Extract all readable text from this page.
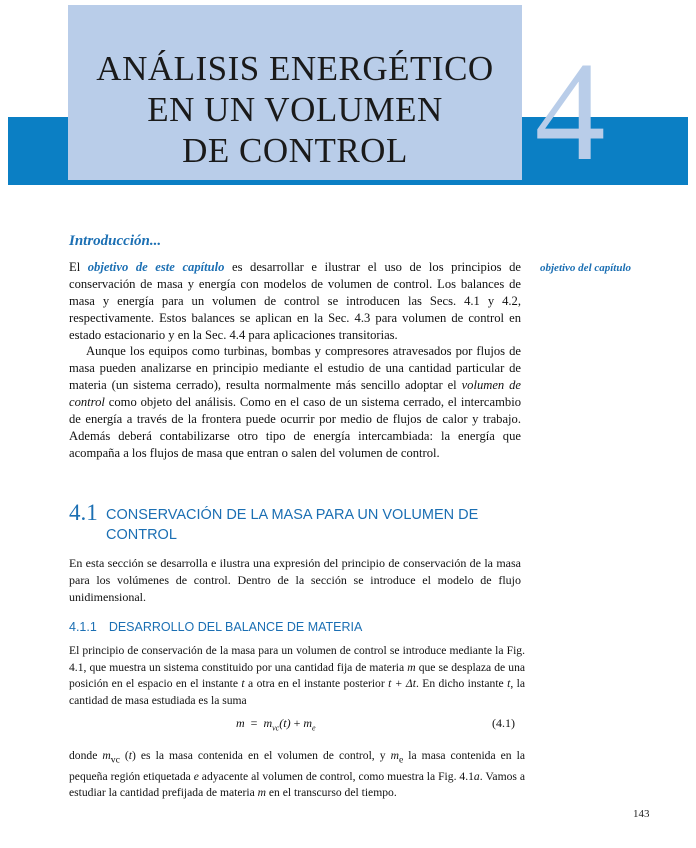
ANÁLISIS ENERGÉTICO
EN UN VOLUMEN
DE CONTROL 4
Introducción...
objetivo del capítulo

El objetivo de este capítulo es desarrollar e ilustrar el uso de los principios de conservación de masa y energía con modelos de volumen de control. Los balances de masa y energía para un volumen de control se introducen las Secs. 4.1 y 4.2, respectivamente. Estos balances se aplican en la Sec. 4.3 para volumen de control en estado estacionario y en la Sec. 4.4 para aplicaciones transitorias.

Aunque los equipos como turbinas, bombas y compresores atravesados por flujos de masa pueden analizarse en principio mediante el estudio de una cantidad particular de materia (un sistema cerrado), resulta normalmente más sencillo adoptar el volumen de control como objeto del análisis. Como en el caso de un sistema cerrado, el intercambio de energía a través de la frontera puede ocurrir por medio de flujos de calor y trabajo. Además deberá contabilizarse otro tipo de energía intercambiada: la energía que acompaña a los flujos de masa que entran o salen del volumen de control.

4.1 CONSERVACIÓN DE LA MASA PARA UN VOLUMEN DE CONTROL

En esta sección se desarrolla e ilustra una expresión del principio de conservación de la masa para los volúmenes de control. Dentro de la sección se introduce el modelo de flujo unidimensional.

4.1.1 DESARROLLO DEL BALANCE DE MATERIA

El principio de conservación de la masa para un volumen de control se introduce mediante la Fig. 4.1, que muestra un sistema constituido por una cantidad fija de materia m que se desplaza de una posición en el espacio en el instante t a otra en el instante posterior t + Δt. En dicho instante t, la cantidad de masa estudiada es la suma

$m = m_{vc}(t) + m_e$	(4.1)

donde $m_{vc}$ (t) es la masa contenida en el volumen de control, y $m_e$ la masa contenida en la pequeña región etiquetada e adyacente al volumen de control, como muestra la Fig. 4.1a. Vamos a estudiar la cantidad prefijada de materia m en el transcurso del tiempo.

143
